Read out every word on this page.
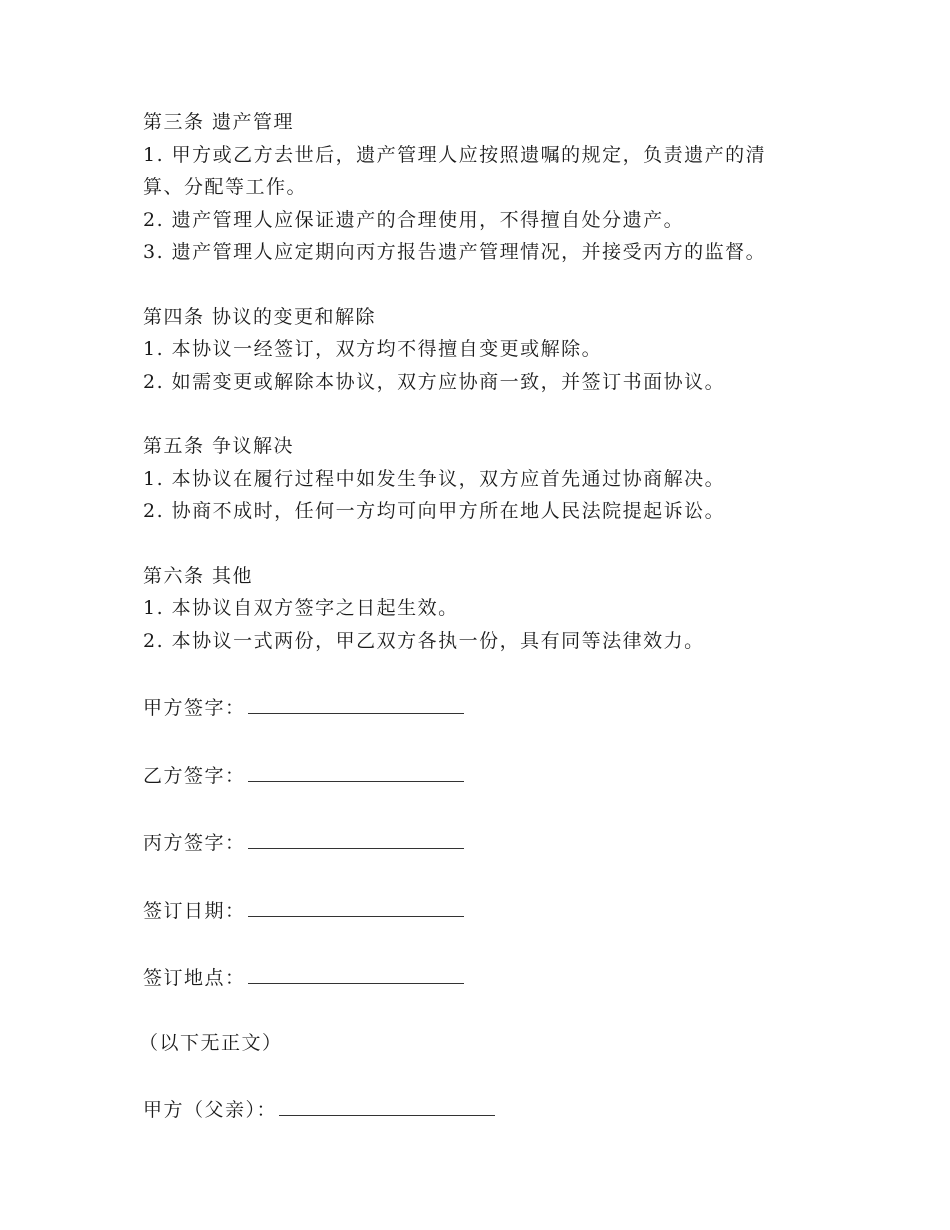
第三条 遗产管理
1. 甲方或乙方去世后，遗产管理人应按照遗嘱的规定，负责遗产的清算、分配等工作。
2. 遗产管理人应保证遗产的合理使用，不得擅自处分遗产。
3. 遗产管理人应定期向丙方报告遗产管理情况，并接受丙方的监督。
第四条 协议的变更和解除
1. 本协议一经签订，双方均不得擅自变更或解除。
2. 如需变更或解除本协议，双方应协商一致，并签订书面协议。
第五条 争议解决
1. 本协议在履行过程中如发生争议，双方应首先通过协商解决。
2. 协商不成时，任何一方均可向甲方所在地人民法院提起诉讼。
第六条 其他
1. 本协议自双方签字之日起生效。
2. 本协议一式两份，甲乙双方各执一份，具有同等法律效力。
甲方签字：
乙方签字：
丙方签字：
签订日期：
签订地点：
（以下无正文）
甲方（父亲）：
